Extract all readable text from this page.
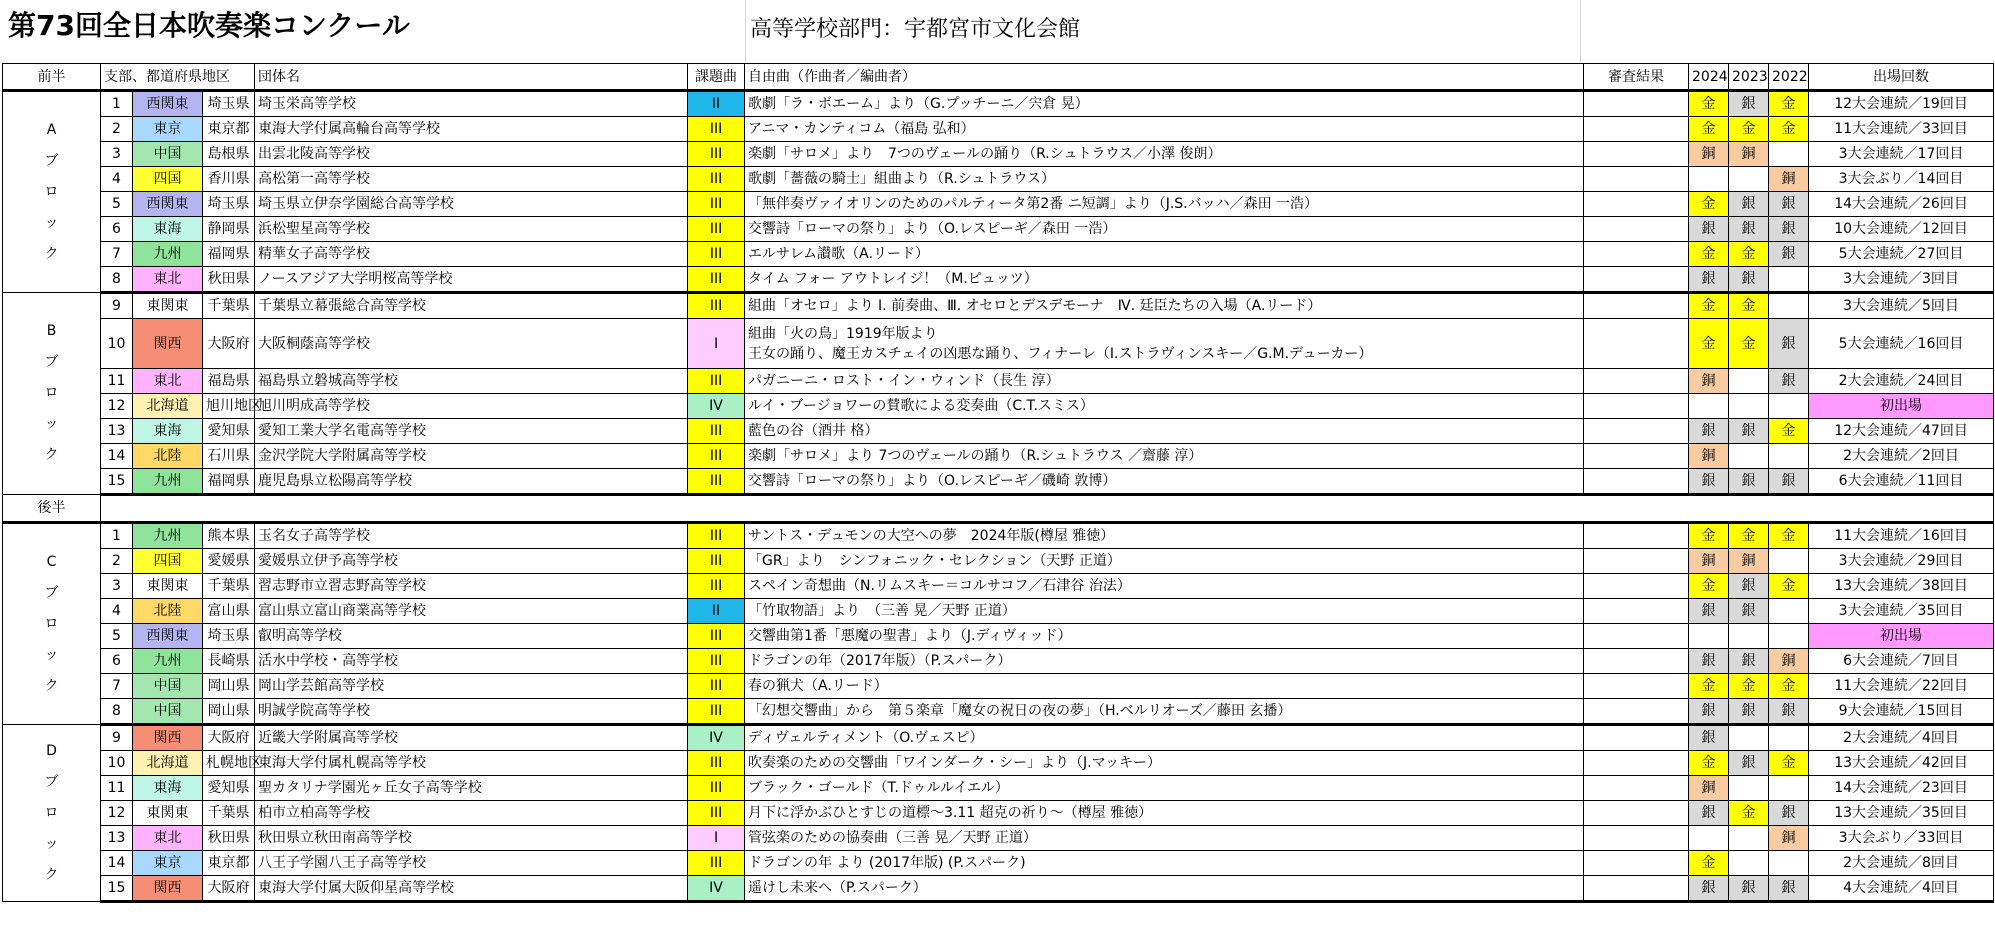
第73回全日本吹奏楽コンクール	高等学校部門：宇都宮市文化会館
前半	支部、都道府県地区			団体名	課題曲	自由曲（作曲者／編曲者）	審査結果	2024	2023	2022	出場回数

A
ブ
ロ
ッ
ク	1	西関東	埼玉県	埼玉栄高等学校	II	歌劇「ラ・ボエーム」より（G.プッチーニ／宍倉 晃）		金	銀	金	12大会連続／19回目
	2	東京	東京都	東海大学付属高輪台高等学校	III	アニマ・カンティコム（福島 弘和）		金	金	金	11大会連続／33回目
	3	中国	島根県	出雲北陵高等学校	III	楽劇「サロメ」より　7つのヴェールの踊り（R.シュトラウス／小澤 俊朗）		銅	銅		3大会連続／17回目
	4	四国	香川県	高松第一高等学校	III	歌劇「薔薇の騎士」組曲より（R.シュトラウス）				銅	3大会ぶり／14回目
	5	西関東	埼玉県	埼玉県立伊奈学園総合高等学校	III	「無伴奏ヴァイオリンのためのパルティータ第2番 ニ短調」より（J.S.バッハ／森田 一浩）		金	銀	銀	14大会連続／26回目
	6	東海	静岡県	浜松聖星高等学校	III	交響詩「ローマの祭り」より（O.レスピーギ／森田 一浩）		銀	銀	銀	10大会連続／12回目
	7	九州	福岡県	精華女子高等学校	III	エルサレム讃歌（A.リード）		金	金	銀	5大会連続／27回目
	8	東北	秋田県	ノースアジア大学明桜高等学校	III	タイム フォー アウトレイジ！（M.ピュッツ）		銀	銀		3大会連続／3回目

B
ブ
ロ
ッ
ク	9	東関東	千葉県	千葉県立幕張総合高等学校	III	組曲「オセロ」より Ⅰ. 前奏曲、Ⅲ. オセロとデスデモーナ　Ⅳ. 廷臣たちの入場（A.リード）		金	金		3大会連続／5回目
	10	関西	大阪府	大阪桐蔭高等学校	I	組曲「火の鳥」1919年版より
王女の踊り、魔王カスチェイの凶悪な踊り、フィナーレ（I.ストラヴィンスキー／G.M.デューカー）		金	金	銀	5大会連続／16回目
	11	東北	福島県	福島県立磐城高等学校	III	パガニーニ・ロスト・イン・ウィンド（長生 淳）		銅		銀	2大会連続／24回目
	12	北海道	旭川地区	旭川明成高等学校	IV	ルイ・ブージョワーの賛歌による変奏曲（C.T.スミス）					初出場
	13	東海	愛知県	愛知工業大学名電高等学校	III	藍色の谷（酒井 格）		銀	銀	金	12大会連続／47回目
	14	北陸	石川県	金沢学院大学附属高等学校	III	楽劇「サロメ」より 7つのヴェールの踊り（R.シュトラウス ／齋藤 淳）		銅			2大会連続／2回目
	15	九州	福岡県	鹿児島県立松陽高等学校	III	交響詩「ローマの祭り」より（O.レスピーギ／磯崎 敦博）		銀	銀	銀	6大会連続／11回目
後半											

C
ブ
ロ
ッ
ク	1	九州	熊本県	玉名女子高等学校	III	サントス・デュモンの大空への夢　2024年版(樽屋 雅徳）		金	金	金	11大会連続／16回目
	2	四国	愛媛県	愛媛県立伊予高等学校	III	「GR」より　シンフォニック・セレクション（天野 正道）		銅	銅		3大会連続／29回目
	3	東関東	千葉県	習志野市立習志野高等学校	III	スペイン奇想曲（N.リムスキー＝コルサコフ／石津谷 治法）		金	銀	金	13大会連続／38回目
	4	北陸	富山県	富山県立富山商業高等学校	II	「竹取物語」より　（三善 晃／天野 正道）		銀	銀		3大会連続／35回目
	5	西関東	埼玉県	叡明高等学校	III	交響曲第1番「悪魔の聖書」より（J.ディヴィッド）					初出場
	6	九州	長崎県	活水中学校・高等学校	III	ドラゴンの年（2017年版）（P.スパーク）		銀	銀	銅	6大会連続／7回目
	7	中国	岡山県	岡山学芸館高等学校	III	春の猟犬（A.リード）		金	金	金	11大会連続／22回目
	8	中国	岡山県	明誠学院高等学校	III	「幻想交響曲」から　第５楽章「魔女の祝日の夜の夢」（H.ベルリオーズ／藤田 玄播）		銀	銀	銀	9大会連続／15回目

D
ブ
ロ
ッ
ク	9	関西	大阪府	近畿大学附属高等学校	IV	ディヴェルティメント（O.ヴェスピ）		銀			2大会連続／4回目
	10	北海道	札幌地区	東海大学付属札幌高等学校	III	吹奏楽のための交響曲「ワインダーク・シー」より（J.マッキー）		金	銀	金	13大会連続／42回目
	11	東海	愛知県	聖カタリナ学園光ヶ丘女子高等学校	III	ブラック・ゴールド（T.ドゥルルイエル）		銅			14大会連続／23回目
	12	東関東	千葉県	柏市立柏高等学校	III	月下に浮かぶひとすじの道標～3.11 超克の祈り～（樽屋 雅徳）		銀	金	銀	13大会連続／35回目
	13	東北	秋田県	秋田県立秋田南高等学校	I	管弦楽のための協奏曲（三善 晃／天野 正道）				銅	3大会ぶり／33回目
	14	東京	東京都	八王子学園八王子高等学校	III	ドラゴンの年 より (2017年版) (P.スパーク)		金			2大会連続／8回目
	15	関西	大阪府	東海大学付属大阪仰星高等学校	IV	遥けし未来へ（P.スパーク）		銀	銀	銀	4大会連続／4回目
